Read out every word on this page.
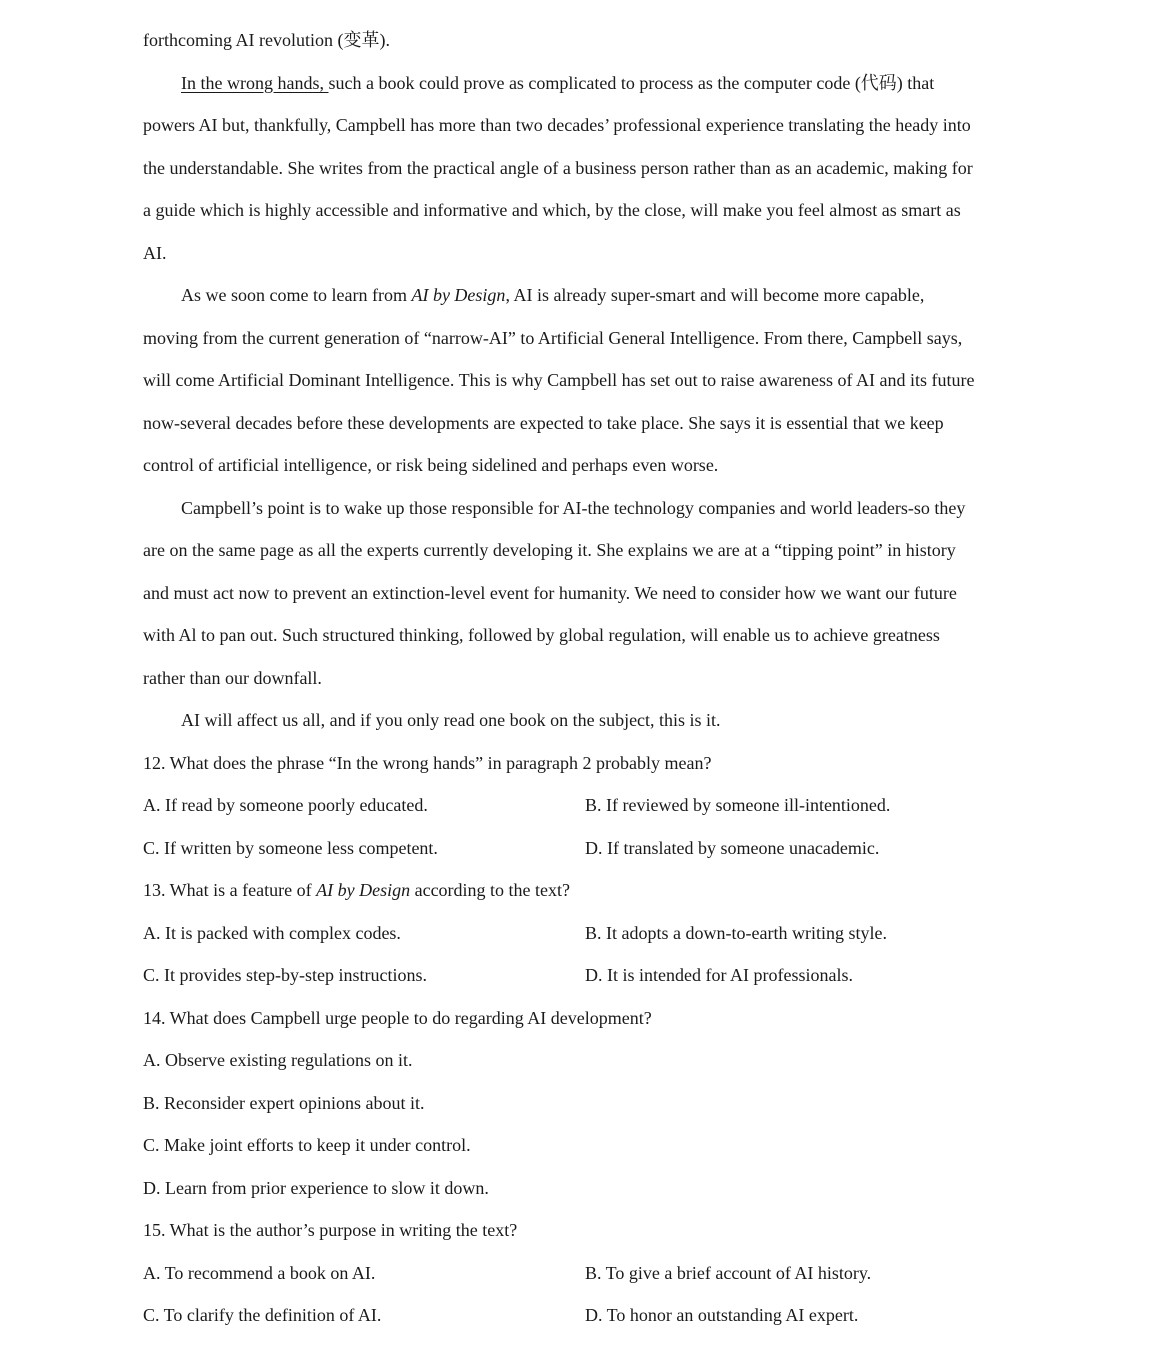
forthcoming AI revolution (变革).
In the wrong hands, such a book could prove as complicated to process as the computer code (代码) that
powers AI but, thankfully, Campbell has more than two decades’ professional experience translating the heady into
the understandable. She writes from the practical angle of a business person rather than as an academic, making for
a guide which is highly accessible and informative and which, by the close, will make you feel almost as smart as
AI.
As we soon come to learn from AI by Design, AI is already super-smart and will become more capable,
moving from the current generation of “narrow-AI” to Artificial General Intelligence. From there, Campbell says,
will come Artificial Dominant Intelligence. This is why Campbell has set out to raise awareness of AI and its future
now-several decades before these developments are expected to take place. She says it is essential that we keep
control of artificial intelligence, or risk being sidelined and perhaps even worse.
Campbell’s point is to wake up those responsible for AI-the technology companies and world leaders-so they
are on the same page as all the experts currently developing it. She explains we are at a “tipping point” in history
and must act now to prevent an extinction-level event for humanity. We need to consider how we want our future
with Al to pan out. Such structured thinking, followed by global regulation, will enable us to achieve greatness
rather than our downfall.
AI will affect us all, and if you only read one book on the subject, this is it.
12. What does the phrase “In the wrong hands” in paragraph 2 probably mean?
A. If read by someone poorly educated.	B. If reviewed by someone ill-intentioned.
C. If written by someone less competent.	D. If translated by someone unacademic.
13. What is a feature of AI by Design according to the text?
A. It is packed with complex codes.	B. It adopts a down-to-earth writing style.
C. It provides step-by-step instructions.	D. It is intended for AI professionals.
14. What does Campbell urge people to do regarding AI development?
A. Observe existing regulations on it.
B. Reconsider expert opinions about it.
C. Make joint efforts to keep it under control.
D. Learn from prior experience to slow it down.
15. What is the author’s purpose in writing the text?
A. To recommend a book on AI.	B. To give a brief account of AI history.
C. To clarify the definition of AI.	D. To honor an outstanding AI expert.
